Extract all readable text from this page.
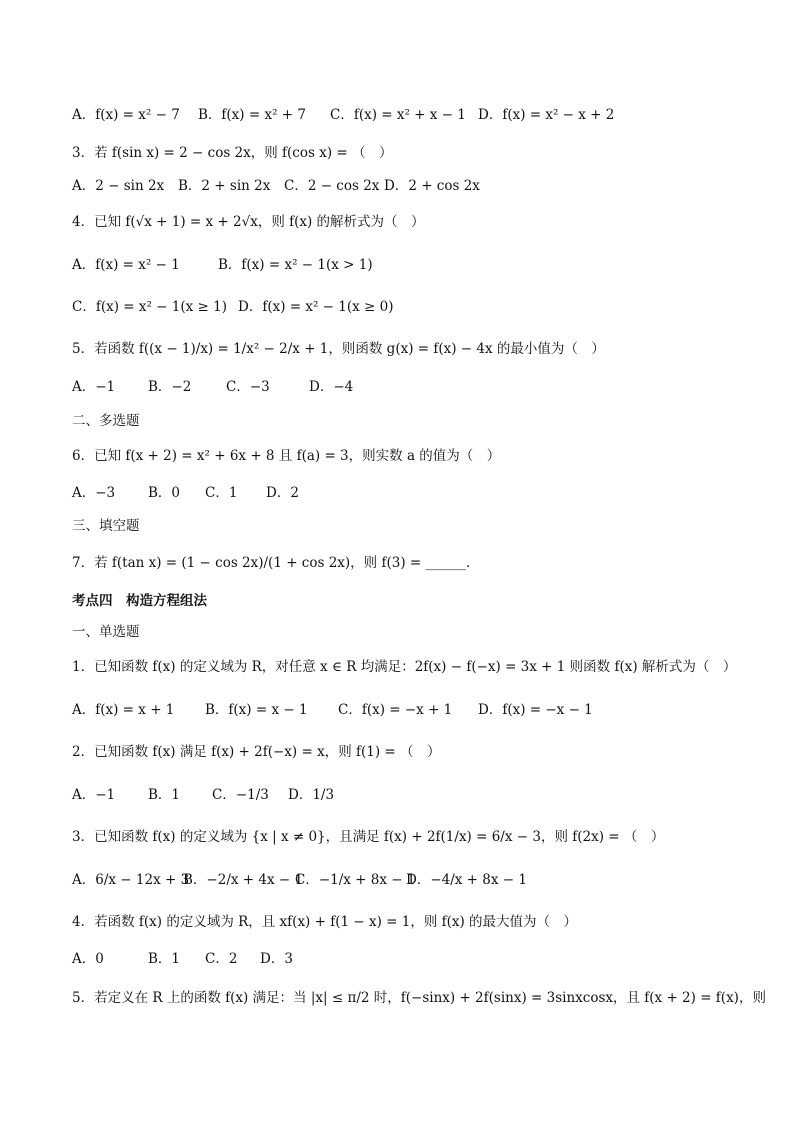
A．f(x) = x² − 7 B．f(x) = x² + 7 C．f(x) = x² + x − 1 D．f(x) = x² − x + 2
3．若 f(sin x) = 2 − cos 2x，则 f(cos x) = （　）
A．2 − sin 2x B．2 + sin 2x C．2 − cos 2x D．2 + cos 2x
4．已知 f(√x + 1) = x + 2√x，则 f(x) 的解析式为（　）
A．f(x) = x² − 1	B．f(x) = x² − 1(x > 1)
C．f(x) = x² − 1(x ≥ 1) D．f(x) = x² − 1(x ≥ 0)
5．若函数 f((x − 1)/x) = 1/x² − 2/x + 1，则函数 g(x) = f(x) − 4x 的最小值为（　）
A．−1 B．−2	C．−3	D．−4
二、多选题
6．已知 f(x + 2) = x² + 6x + 8 且 f(a) = 3，则实数 a 的值为（　）
A．−3 B．0 C．1 D．2
三、填空题
7．若 f(tan x) = (1 − cos 2x)/(1 + cos 2x)，则 f(3) = ______.
考点四　构造方程组法
一、单选题
1．已知函数 f(x) 的定义域为 R，对任意 x ∈ R 均满足：2f(x) − f(−x) = 3x + 1 则函数 f(x) 解析式为（　）
A．f(x) = x + 1 B．f(x) = x − 1 C．f(x) = −x + 1 D．f(x) = −x − 1
2．已知函数 f(x) 满足 f(x) + 2f(−x) = x，则 f(1) = （　）
A．−1 B．1 C．−1/3 D．1/3
3．已知函数 f(x) 的定义域为 {x | x ≠ 0}，且满足 f(x) + 2f(1/x) = 6/x − 3，则 f(2x) = （　）
A．6/x − 12x + 3
B．−2/x + 4x − 1
C．−1/x + 8x − 1
D．−4/x + 8x − 1
4．若函数 f(x) 的定义域为 R，且 xf(x) + f(1 − x) = 1，则 f(x) 的最大值为（　）
A．0	B．1 C．2 D．3
5．若定义在 R 上的函数 f(x) 满足：当 |x| ≤ π/2 时，f(−sinx) + 2f(sinx) = 3sinxcosx，且 f(x + 2) = f(x)，则
